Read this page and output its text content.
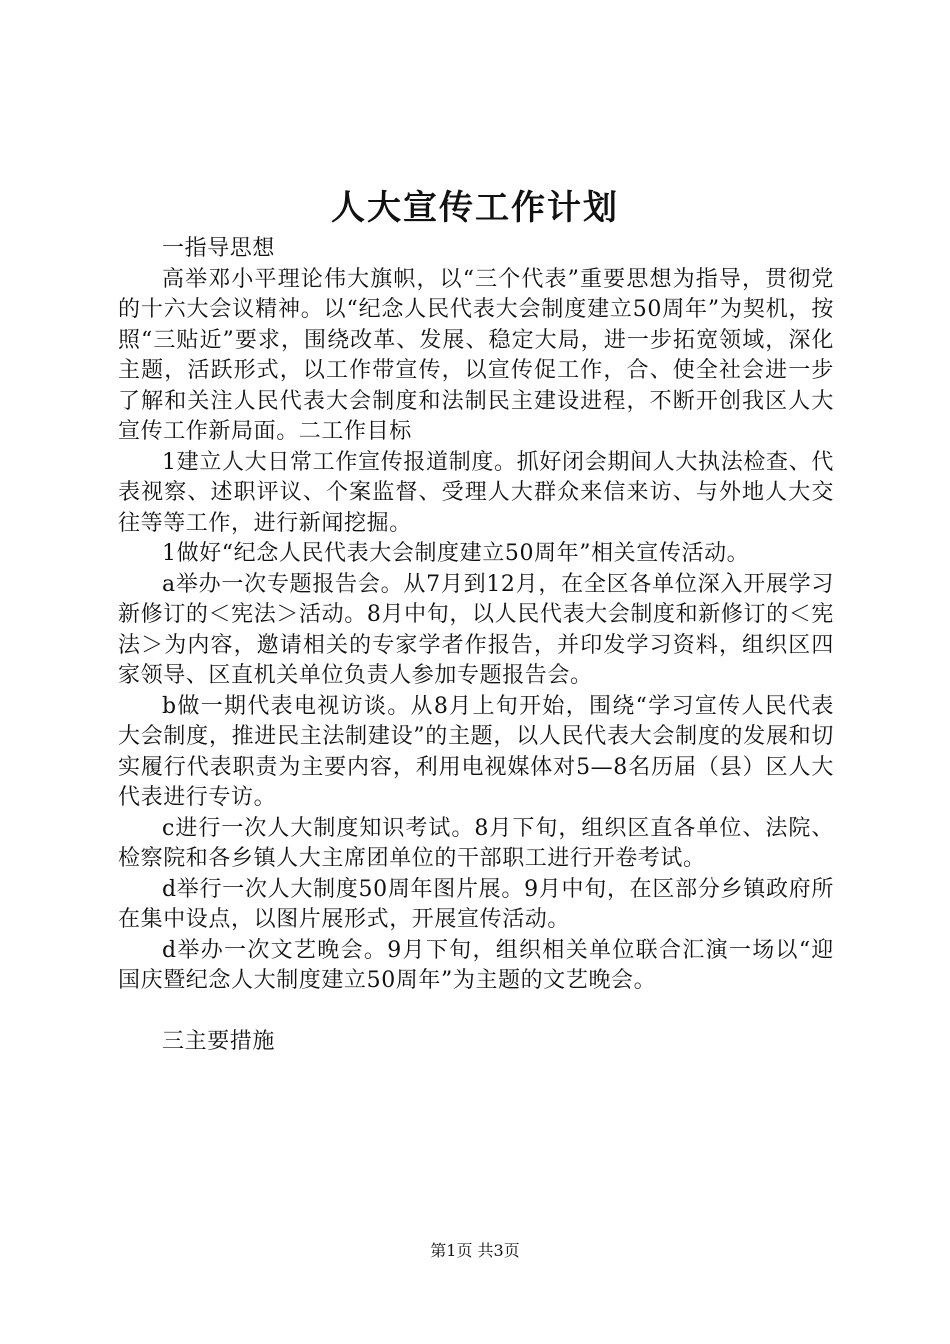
人大宣传工作计划

一指导思想

高举邓小平理论伟大旗帜，以“三个代表”重要思想为指导，贯彻党的十六大会议精神。以“纪念人民代表大会制度建立50周年”为契机，按照“三贴近”要求，围绕改革、发展、稳定大局，进一步拓宽领域，深化主题，活跃形式，以工作带宣传，以宣传促工作，合、使全社会进一步了解和关注人民代表大会制度和法制民主建设进程，不断开创我区人大宣传工作新局面。二工作目标

1建立人大日常工作宣传报道制度。抓好闭会期间人大执法检查、代表视察、述职评议、个案监督、受理人大群众来信来访、与外地人大交往等等工作，进行新闻挖掘。

1做好“纪念人民代表大会制度建立50周年”相关宣传活动。

a举办一次专题报告会。从7月到12月，在全区各单位深入开展学习新修订的＜宪法＞活动。8月中旬，以人民代表大会制度和新修订的＜宪法＞为内容，邀请相关的专家学者作报告，并印发学习资料，组织区四家领导、区直机关单位负责人参加专题报告会。

b做一期代表电视访谈。从8月上旬开始，围绕“学习宣传人民代表大会制度，推进民主法制建设”的主题，以人民代表大会制度的发展和切实履行代表职责为主要内容，利用电视媒体对5—8名历届（县）区人大代表进行专访。

c进行一次人大制度知识考试。8月下旬，组织区直各单位、法院、检察院和各乡镇人大主席团单位的干部职工进行开卷考试。

d举行一次人大制度50周年图片展。9月中旬，在区部分乡镇政府所在集中设点，以图片展形式，开展宣传活动。

d举办一次文艺晚会。9月下旬，组织相关单位联合汇演一场以“迎国庆暨纪念人大制度建立50周年”为主题的文艺晚会。

三主要措施

第1页 共3页
